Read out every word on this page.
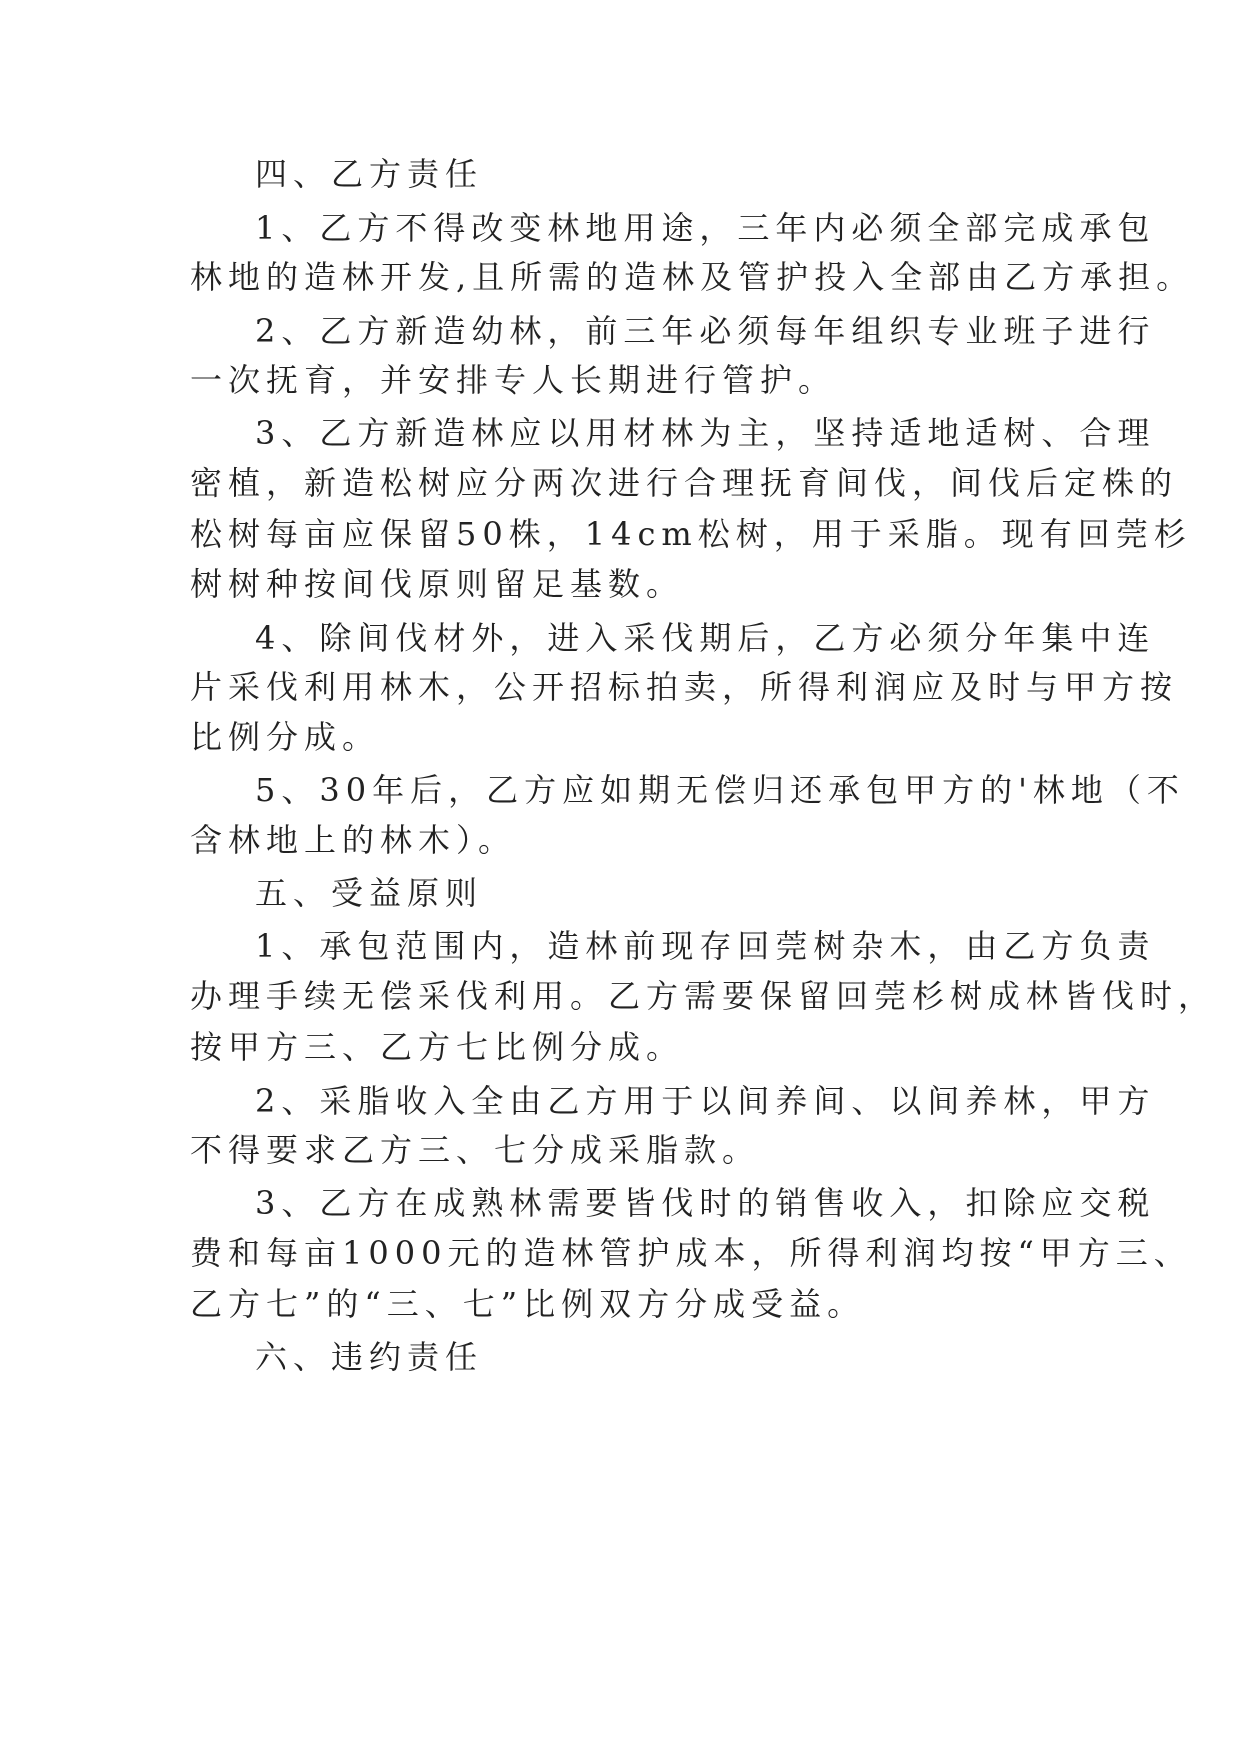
四、乙方责任
1、乙方不得改变林地用途，三年内必须全部完成承包
林地的造林开发,且所需的造林及管护投入全部由乙方承担。
2、乙方新造幼林，前三年必须每年组织专业班子进行
一次抚育，并安排专人长期进行管护。
3、乙方新造林应以用材林为主，坚持适地适树、合理
密植，新造松树应分两次进行合理抚育间伐，间伐后定株的
松树每亩应保留50株，14cm松树，用于采脂。现有回莞杉
树树种按间伐原则留足基数。
4、除间伐材外，进入采伐期后，乙方必须分年集中连
片采伐利用林木，公开招标拍卖，所得利润应及时与甲方按
比例分成。
5、30年后，乙方应如期无偿归还承包甲方的'林地（不
含林地上的林木）。
五、受益原则
1、承包范围内，造林前现存回莞树杂木，由乙方负责
办理手续无偿采伐利用。乙方需要保留回莞杉树成林皆伐时，
按甲方三、乙方七比例分成。
2、采脂收入全由乙方用于以间养间、以间养林，甲方
不得要求乙方三、七分成采脂款。
3、乙方在成熟林需要皆伐时的销售收入，扣除应交税
费和每亩1000元的造林管护成本，所得利润均按“甲方三、
乙方七”的“三、七”比例双方分成受益。
六、违约责任
